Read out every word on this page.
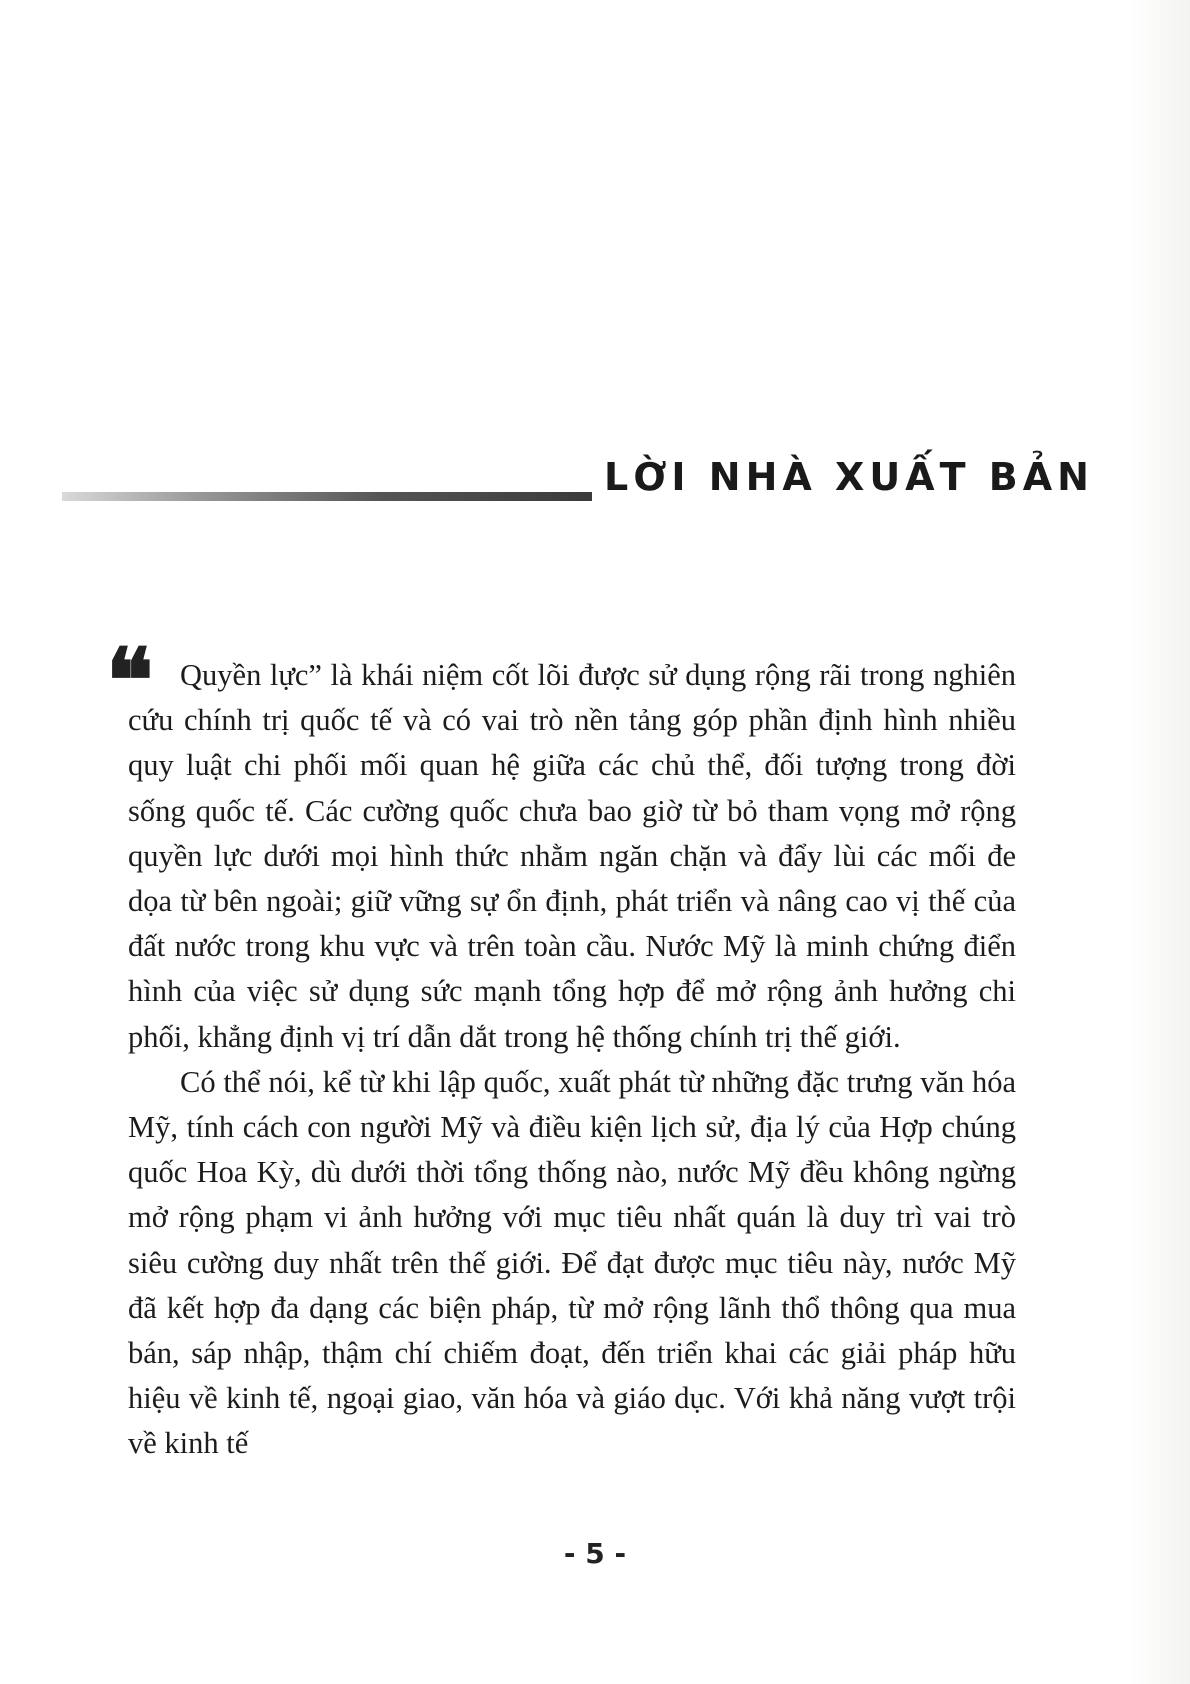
LỜI NHÀ XUẤT BẢN
❝	Quyền lực” là khái niệm cốt lõi được sử dụng rộng rãi trong nghiên cứu chính trị quốc tế và có vai trò nền tảng góp phần định hình nhiều quy luật chi phối mối quan hệ giữa các chủ thể, đối tượng trong đời sống quốc tế. Các cường quốc chưa bao giờ từ bỏ tham vọng mở rộng quyền lực dưới mọi hình thức nhằm ngăn chặn và đẩy lùi các mối đe dọa từ bên ngoài; giữ vững sự ổn định, phát triển và nâng cao vị thế của đất nước trong khu vực và trên toàn cầu. Nước Mỹ là minh chứng điển hình của việc sử dụng sức mạnh tổng hợp để mở rộng ảnh hưởng chi phối, khẳng định vị trí dẫn dắt trong hệ thống chính trị thế giới.

Có thể nói, kể từ khi lập quốc, xuất phát từ những đặc trưng văn hóa Mỹ, tính cách con người Mỹ và điều kiện lịch sử, địa lý của Hợp chúng quốc Hoa Kỳ, dù dưới thời tổng thống nào, nước Mỹ đều không ngừng mở rộng phạm vi ảnh hưởng với mục tiêu nhất quán là duy trì vai trò siêu cường duy nhất trên thế giới. Để đạt được mục tiêu này, nước Mỹ đã kết hợp đa dạng các biện pháp, từ mở rộng lãnh thổ thông qua mua bán, sáp nhập, thậm chí chiếm đoạt, đến triển khai các giải pháp hữu hiệu về kinh tế, ngoại giao, văn hóa và giáo dục. Với khả năng vượt trội về kinh tế

- 5 -
